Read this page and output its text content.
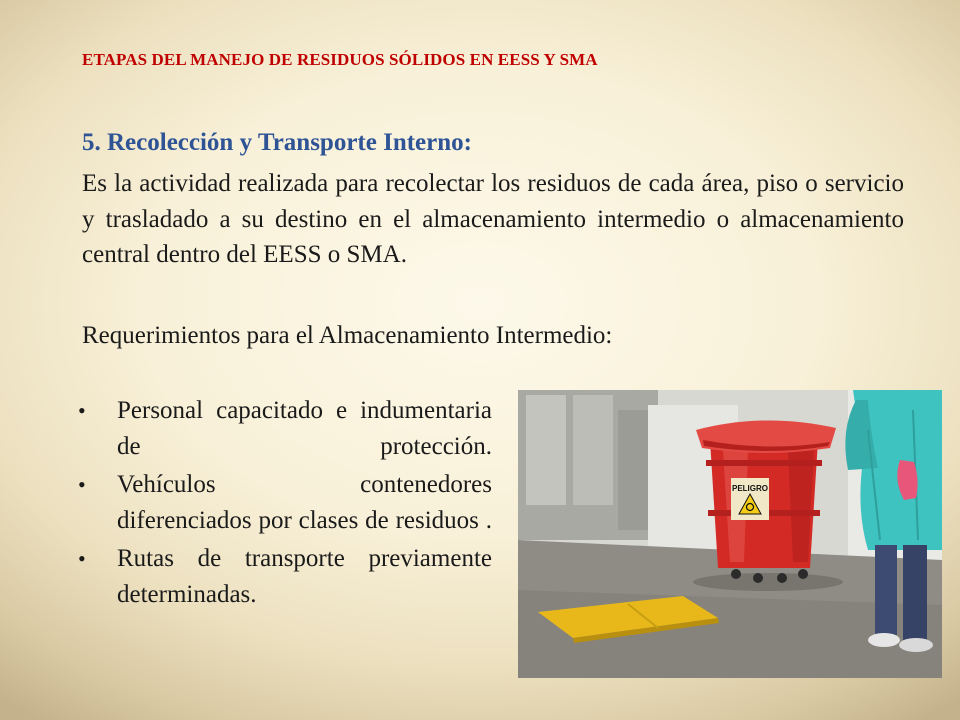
ETAPAS DEL MANEJO DE RESIDUOS SÓLIDOS EN EESS Y SMA
5. Recolección y Transporte Interno:
Es la actividad realizada para recolectar los residuos de cada área, piso o servicio y trasladado a su destino en el almacenamiento intermedio o almacenamiento central dentro del EESS o SMA.
Requerimientos para el Almacenamiento Intermedio:
•	Personal capacitado e indumentaria de protección.
•	Vehículos contenedores diferenciados por clases de residuos .
•	Rutas de transporte previamente determinadas.
PELIGRO
